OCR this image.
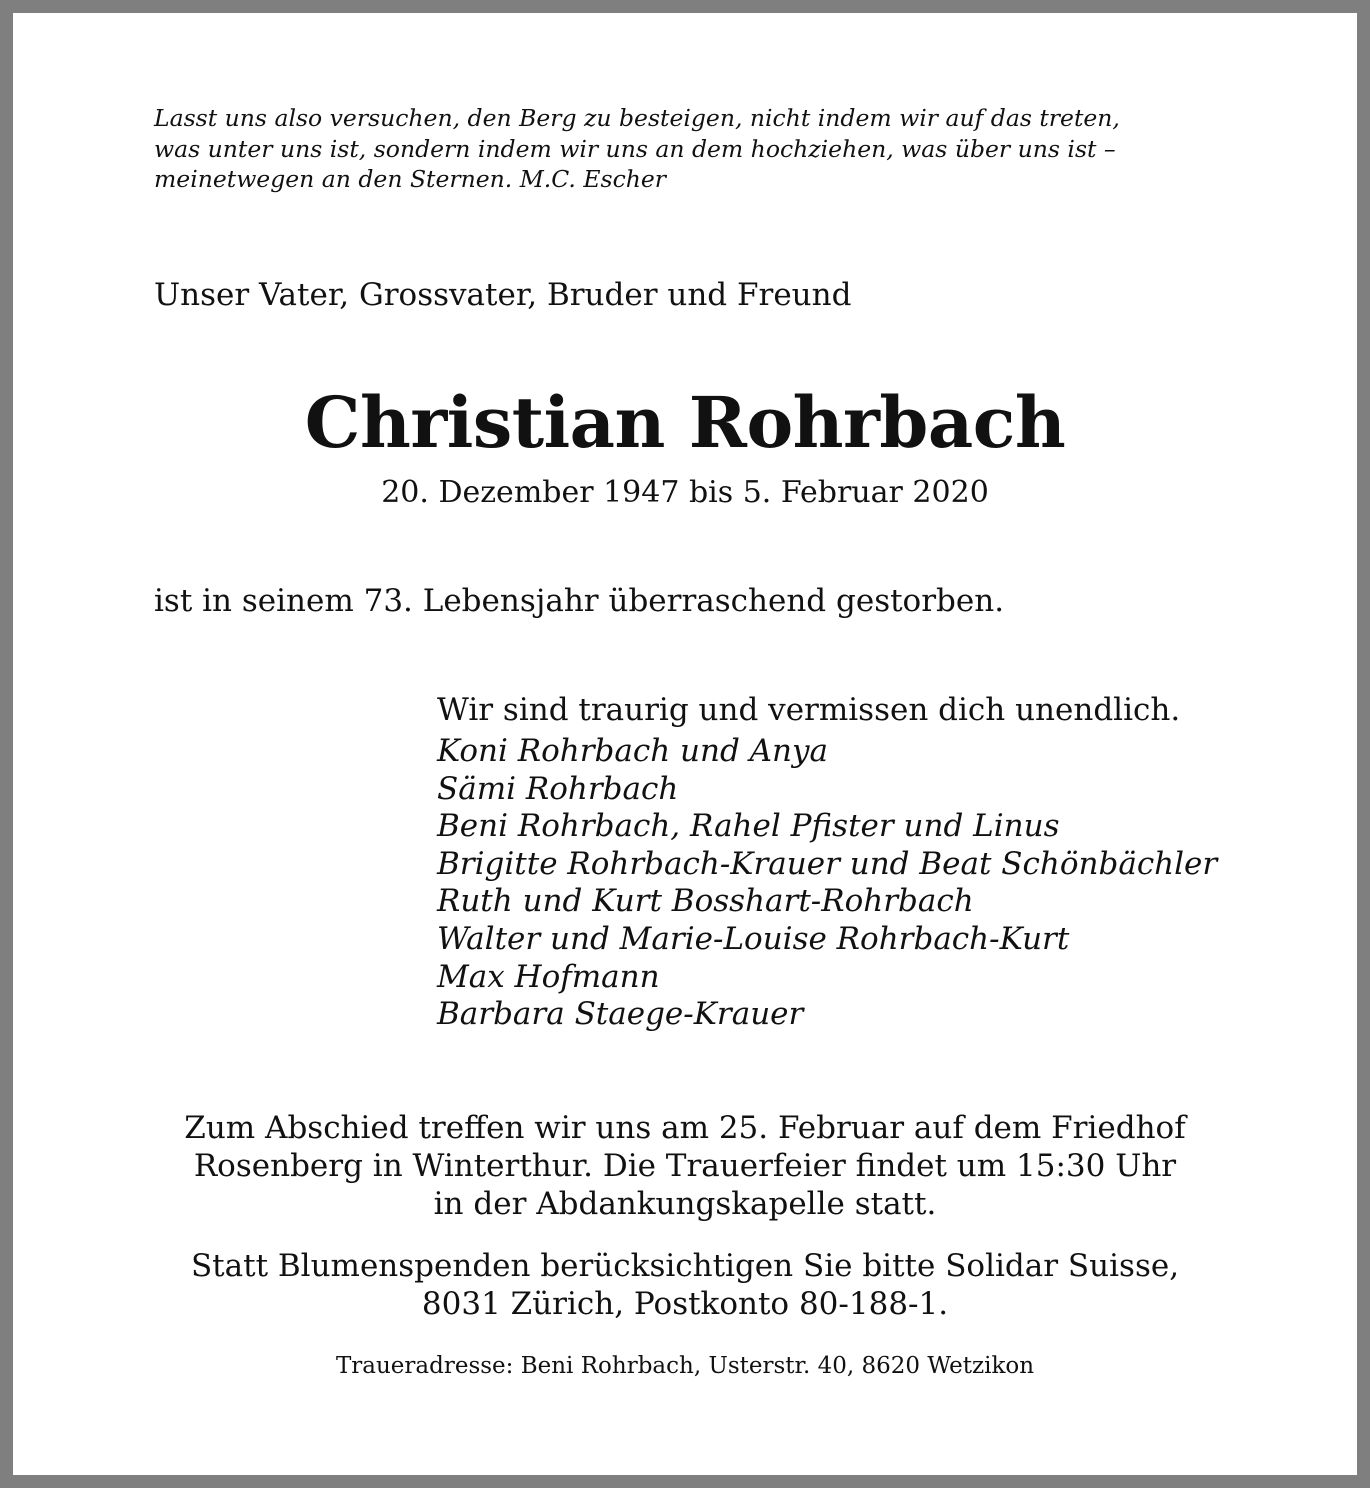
Lasst uns also versuchen, den Berg zu besteigen, nicht indem wir auf das treten,
was unter uns ist, sondern indem wir uns an dem hochziehen, was über uns ist –
meinetwegen an den Sternen. M.C. Escher
Unser Vater, Grossvater, Bruder und Freund
Christian Rohrbach
20. Dezember 1947 bis 5. Februar 2020
ist in seinem 73. Lebensjahr überraschend gestorben.
Wir sind traurig und vermissen dich unendlich.
Koni Rohrbach und Anya
Sämi Rohrbach
Beni Rohrbach, Rahel Pfister und Linus
Brigitte Rohrbach-Krauer und Beat Schönbächler
Ruth und Kurt Bosshart-Rohrbach
Walter und Marie-Louise Rohrbach-Kurt
Max Hofmann
Barbara Staege-Krauer
Zum Abschied treffen wir uns am 25. Februar auf dem Friedhof
Rosenberg in Winterthur. Die Trauerfeier findet um 15:30 Uhr
in der Abdankungskapelle statt.
Statt Blumenspenden berücksichtigen Sie bitte Solidar Suisse,
8031 Zürich, Postkonto 80-188-1.
Traueradresse: Beni Rohrbach, Usterstr. 40, 8620 Wetzikon
